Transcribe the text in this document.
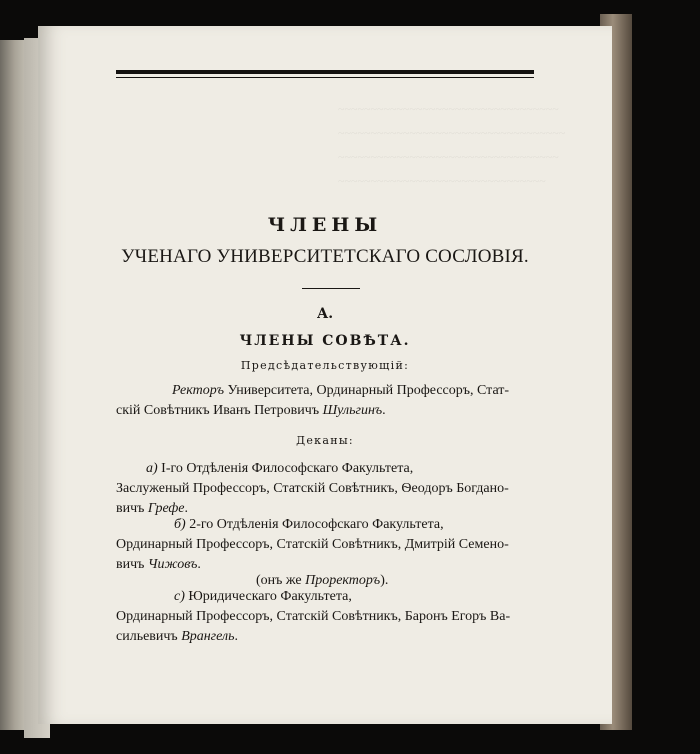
~~~~~~~~~~~~~~~~~~~~~~~~~~~~~~~~~~
~~~~~~~~~~~~~~~~~~~~~~~~~~~~~~~~~~~
~~~~~~~~~~~~~~~~~~~~~~~~~~~~~~~~~~
~~~~~~~~~~~~~~~~~~~~~~~~~~~~~~~~
ЧЛЕНЫ
УЧЕНАГО УНИВЕРСИТЕТСКАГО СОСЛОВІЯ.
А.
ЧЛЕНЫ СОВѢТА.
Предсѣдательствующій:
Ректоръ Университета, Ординарный Профессоръ, Стат-
скій Совѣтникъ Иванъ Петровичъ Шульгинъ.
Деканы:
а) I-го Отдѣленія Философскаго Факультета,
Заслуженый Профессоръ, Статскій Совѣтникъ, Ѳеодоръ Богдано-
вичъ Грефе.
б) 2-го Отдѣленія Философскаго Факультета,
Ординарный Профессоръ, Статскій Совѣтникъ, Дмитрій Семено-
вичъ Чижовъ.
(онъ же Проректоръ).
с) Юридическаго Факультета,
Ординарный Профессоръ, Статскій Совѣтникъ, Баронъ Егоръ Ва-
сильевичъ Врангель.
